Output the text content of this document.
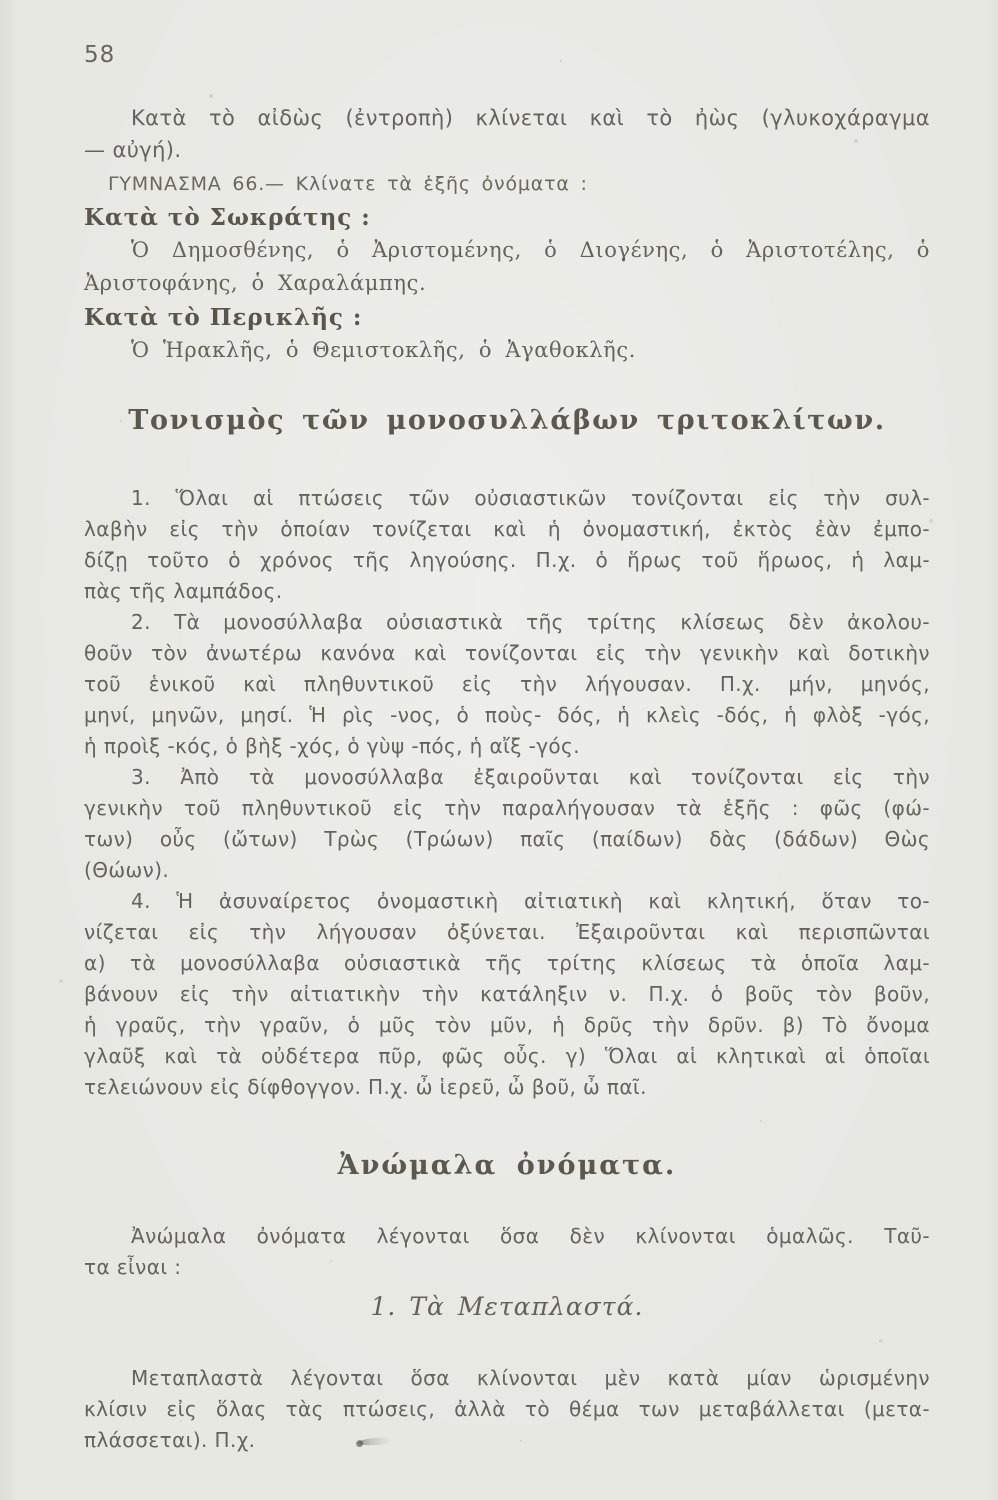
58
Κατὰ τὸ αἰδὼς (ἐντροπὴ) κλίνεται καὶ τὸ ἠὼς (γλυκοχάραγμα
— αὐγή).
ΓΥΜΝΑΣΜΑ 66.— Κλίνατε τὰ ἑξῆς ὀνόματα :
Κατὰ τὸ Σωκράτης :
Ὁ Δημοσθένης, ὁ Ἀριστομένης, ὁ Διογένης, ὁ Ἀριστοτέλης, ὁ
Ἀριστοφάνης, ὁ Χαραλάμπης.
Κατὰ τὸ Περικλῆς :
Ὁ Ἡρακλῆς, ὁ Θεμιστοκλῆς, ὁ Ἀγαθοκλῆς.
Τονισμὸς τῶν μονοσυλλάβων τριτοκλίτων.
1. Ὅλαι αἱ πτώσεις τῶν οὐσιαστικῶν τονίζονται εἰς τὴν συλ-
λαβὴν εἰς τὴν ὁποίαν τονίζεται καὶ ἡ ὀνομαστική, ἐκτὸς ἐὰν ἐμπο-
δίζῃ τοῦτο ὁ χρόνος τῆς ληγούσης. Π.χ. ὁ ἥρως τοῦ ἥρωος, ἡ λαμ-
πὰς τῆς λαμπάδος.
2. Τὰ μονοσύλλαβα οὐσιαστικὰ τῆς τρίτης κλίσεως δὲν ἀκολου-
θοῦν τὸν ἀνωτέρω κανόνα καὶ τονίζονται εἰς τὴν γενικὴν καὶ δοτικὴν
τοῦ ἑνικοῦ καὶ πληθυντικοῦ εἰς τὴν λήγουσαν. Π.χ. μήν, μηνός,
μηνί, μηνῶν, μησί. Ἡ ρὶς -νος, ὁ ποὺς- δός, ἡ κλεὶς -δός, ἡ φλὸξ -γός,
ἡ προὶξ -κός, ὁ βὴξ -χός, ὁ γὺψ -πός, ἡ αἴξ -γός.
3. Ἀπὸ τὰ μονοσύλλαβα ἐξαιροῦνται καὶ τονίζονται εἰς τὴν
γενικὴν τοῦ πληθυντικοῦ εἰς τὴν παραλήγουσαν τὰ ἑξῆς : φῶς (φώ-
των) οὖς (ὤτων) Τρὼς (Τρώων) παῖς (παίδων) δὰς (δάδων) Θὼς
(Θώων).
4. Ἡ ἀσυναίρετος ὀνομαστικὴ αἰτιατικὴ καὶ κλητική, ὅταν το-
νίζεται εἰς τὴν λήγουσαν ὀξύνεται. Ἐξαιροῦνται καὶ περισπῶνται
α) τὰ μονοσύλλαβα οὐσιαστικὰ τῆς τρίτης κλίσεως τὰ ὁποῖα λαμ-
βάνουν εἰς τὴν αἰτιατικὴν τὴν κατάληξιν ν. Π.χ. ὁ βοῦς τὸν βοῦν,
ἡ γραῦς, τὴν γραῦν, ὁ μῦς τὸν μῦν, ἡ δρῦς τὴν δρῦν. β) Τὸ ὄνομα
γλαῦξ καὶ τὰ οὐδέτερα πῦρ, φῶς οὖς. γ) Ὅλαι αἱ κλητικαὶ αἱ ὁποῖαι
τελειώνουν εἰς δίφθογγον. Π.χ. ὦ ἱερεῦ, ὦ βοῦ, ὦ παῖ.
Ἀνώμαλα ὀνόματα.
Ἀνώμαλα ὀνόματα λέγονται ὅσα δὲν κλίνονται ὁμαλῶς. Ταῦ-
τα εἶναι :
1. Τὰ Μεταπλαστά.
Μεταπλαστὰ λέγονται ὅσα κλίνονται μὲν κατὰ μίαν ὡρισμένην
κλίσιν εἰς ὅλας τὰς πτώσεις, ἀλλὰ τὸ θέμα των μεταβάλλεται (μετα-
πλάσσεται). Π.χ.
